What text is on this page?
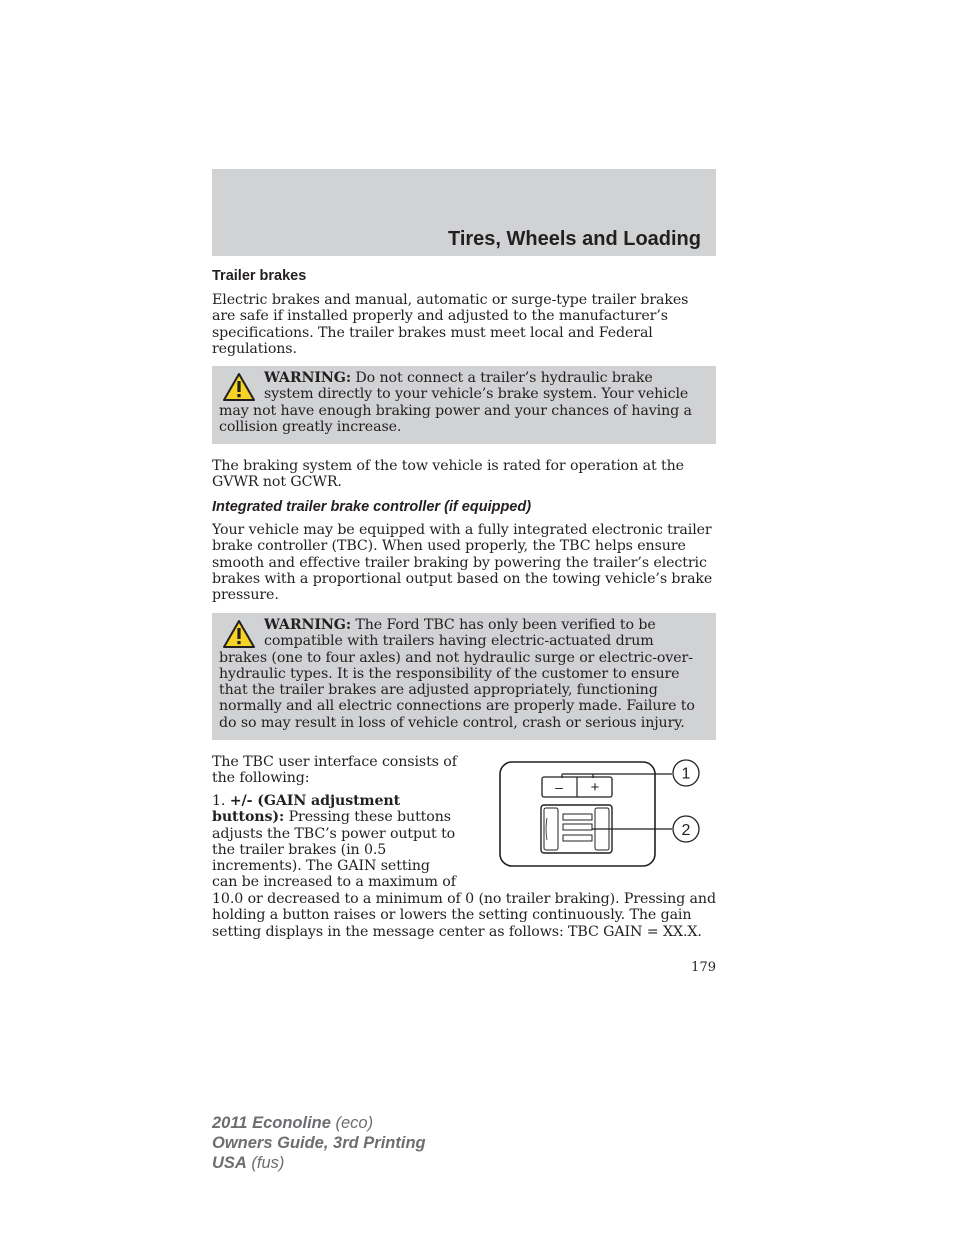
Tires, Wheels and Loading
Trailer brakes
Electric brakes and manual, automatic or surge-type trailer brakes are safe if installed properly and adjusted to the manufacturer’s specifications. The trailer brakes must meet local and Federal regulations.
WARNING: Do not connect a trailer’s hydraulic brake system directly to your vehicle’s brake system. Your vehicle may not have enough braking power and your chances of having a collision greatly increase.
The braking system of the tow vehicle is rated for operation at the GVWR not GCWR.
Integrated trailer brake controller (if equipped)
Your vehicle may be equipped with a fully integrated electronic trailer brake controller (TBC). When used properly, the TBC helps ensure smooth and effective trailer braking by powering the trailer’s electric brakes with a proportional output based on the towing vehicle’s brake pressure.
WARNING: The Ford TBC has only been verified to be compatible with trailers having electric-actuated drum brakes (one to four axles) and not hydraulic surge or electric-over-hydraulic types. It is the responsibility of the customer to ensure that the trailer brakes are adjusted appropriately, functioning normally and all electric connections are properly made. Failure to do so may result in loss of vehicle control, crash or serious injury.
The TBC user interface consists of the following:
1. +/- (GAIN adjustment buttons): Pressing these buttons adjusts the TBC’s power output to the trailer brakes (in 0.5 increments). The GAIN setting can be increased to a maximum of
10.0 or decreased to a minimum of 0 (no trailer braking). Pressing and holding a button raises or lowers the setting continuously. The gain setting displays in the message center as follows: TBC GAIN = XX.X.
– +
1
2
179
2011 Econoline (eco)
Owners Guide, 3rd Printing
USA (fus)
